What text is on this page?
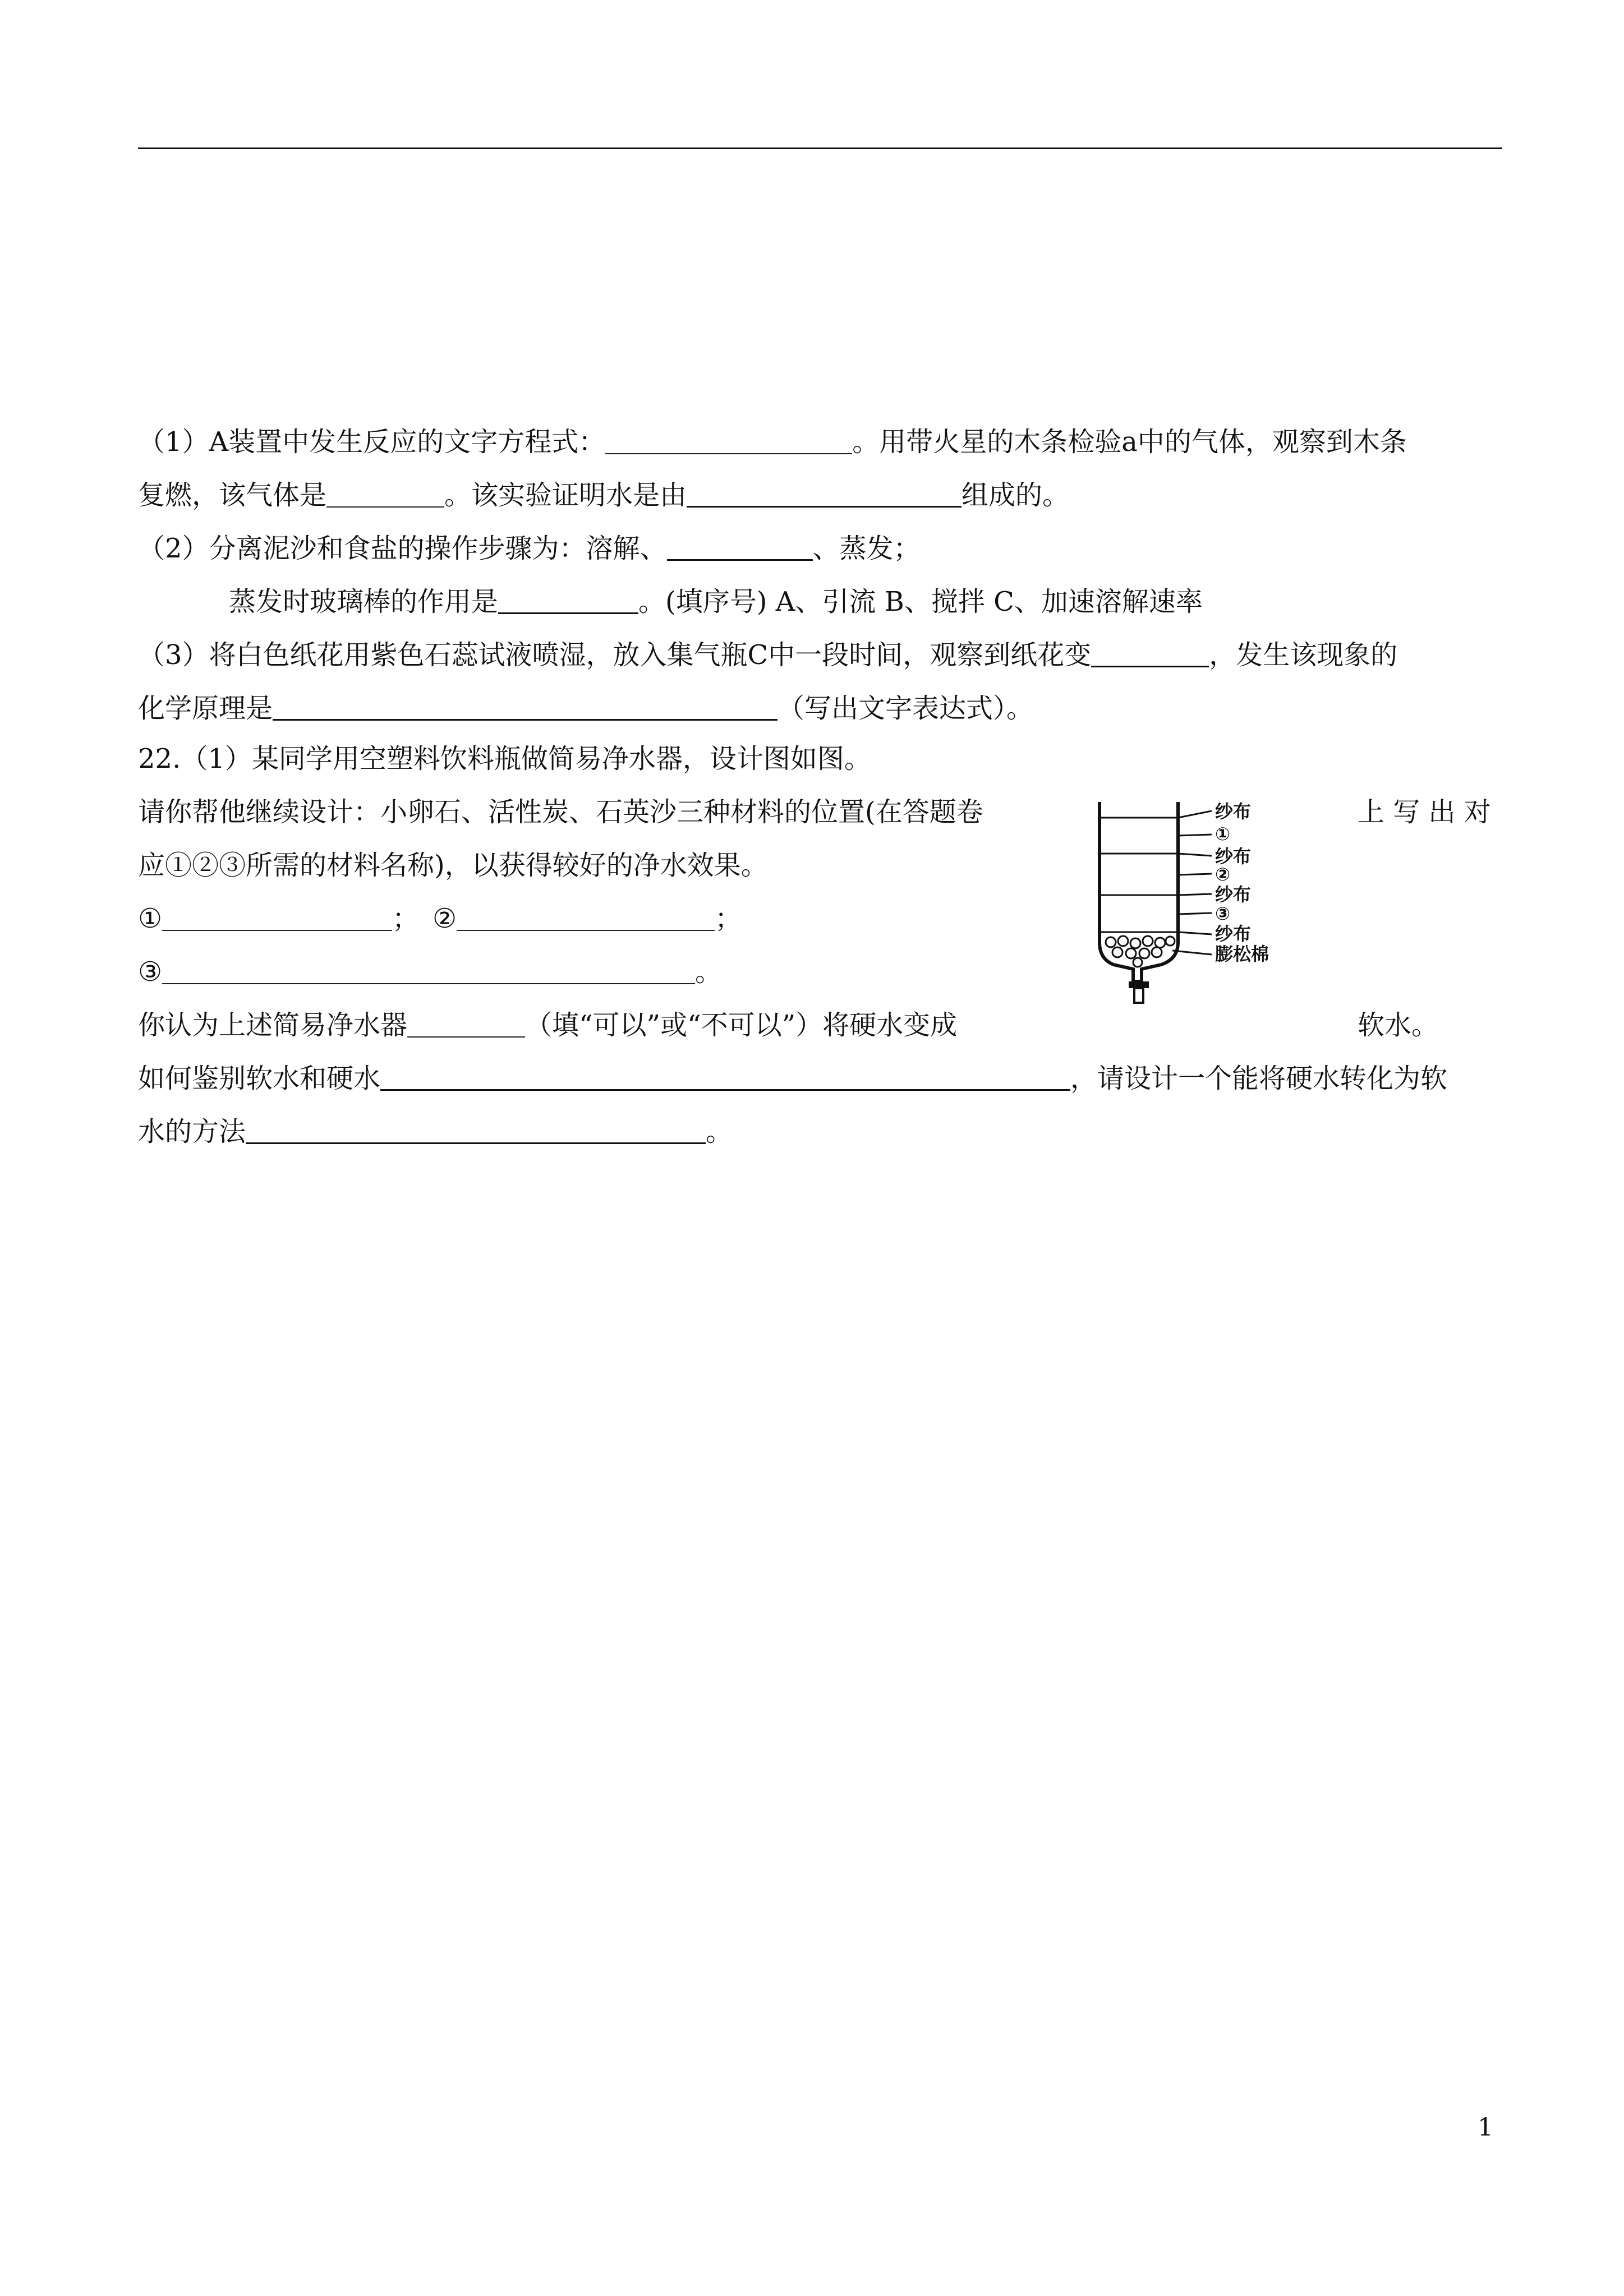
（1）A装置中发生反应的文字方程式：	。用带火星的木条检验a中的气体，观察到木条
复燃，该气体是	。该实验证明水是由	组成的。
（2）分离泥沙和食盐的操作步骤为：溶解、	、蒸发；
蒸发时玻璃棒的作用是	。(填序号) A、引流 B、搅拌 C、加速溶解速率
（3）将白色纸花用紫色石蕊试液喷湿，放入集气瓶C中一段时间，观察到纸花变	，发生该现象的
化学原理是	（写出文字表达式）。
22.（1）某同学用空塑料饮料瓶做简易净水器，设计图如图。
请你帮他继续设计：小卵石、活性炭、石英沙三种材料的位置(在答题卷	上 写 出 对
应①②③所需的材料名称)，以获得较好的净水效果。
①	； ②	；
③	。
你认为上述简易净水器	（填“可以”或“不可以”）将硬水变成	软水。
如何鉴别软水和硬水	，请设计一个能将硬水转化为软
水的方法	。
纱布
①
纱布
②
纱布
③
纱布
膨松棉
1
